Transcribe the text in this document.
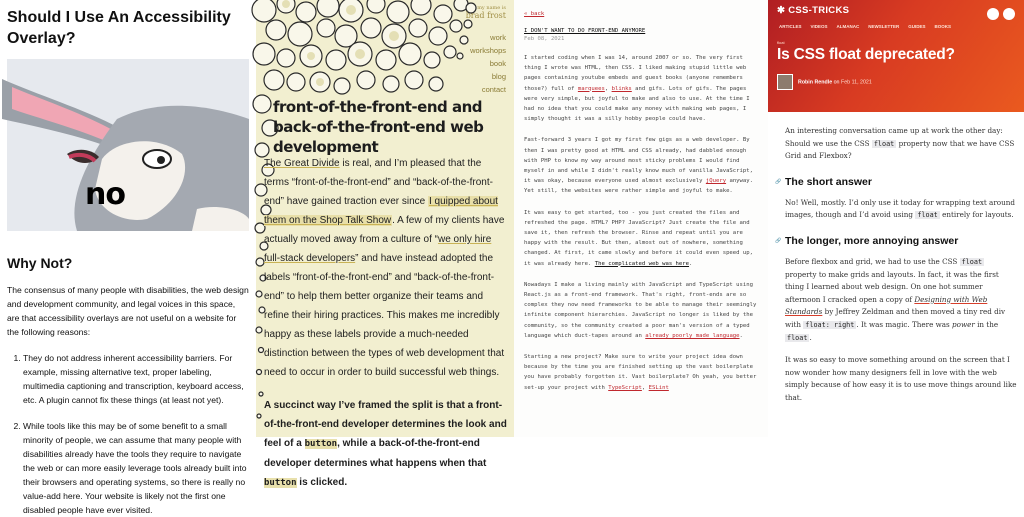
Should I Use An Accessibility Overlay?
no
Why Not?

The consensus of many people with disabilities, the web design and development community, and legal voices in this space, are that accessibility overlays are not useful on a website for the following reasons:

1. They do not address inherent accessibility barriers. For example, missing alternative text, proper labeling, multimedia captioning and transcription, keyboard access, etc. A plugin cannot fix these things (at least not yet).
2. While tools like this may be of some benefit to a small minority of people, we can assume that many people with disabilities already have the tools they require to navigate the web or can more easily leverage tools already built into their browsers and operating systems, so there is really no value-add here. Your website is likely not the first one disabled people have ever visited.
my name is
brad frost
work
workshops
book
blog
contact
front-of-the-front-end and back-of-the-front-end web development

The Great Divide is real, and I’m pleased that the terms “front-of-the-front-end” and “back-of-the-front-end” have gained traction ever since I quipped about them on the Shop Talk Show. A few of my clients have actually moved away from a culture of “we only hire full-stack developers” and have instead adopted the labels “front-of-the-front-end” and “back-of-the-front-end” to help them better organize their teams and refine their hiring practices. This makes me incredibly happy as these labels provide a much-needed distinction between the types of web development that need to occur in order to build successful web things.

A succinct way I’ve framed the split is that a front-of-the-front-end developer determines the look and feel of a button, while a back-of-the-front-end developer determines what happens when that button is clicked.

« back
I DON'T WANT TO DO FRONT-END ANYMORE
Feb 08, 2021

I started coding when I was 14, around 2007 or so. The very first thing I wrote was HTML, then CSS. I liked making stupid little web pages containing youtube embeds and guest books (anyone remembers those?) full of marquees, blinks and gifs. Lots of gifs. The pages were very simple, but joyful to make and also to use. At the time I had no idea that you could make any money with making web pages, I simply thought it was a silly hobby people could have.

Fast-forward 3 years I got my first few gigs as a web developer. By then I was pretty good at HTML and CSS already, had dabbled enough with PHP to know my way around most sticky problems I would find myself in and while I didn't really know much of vanilla JavaScript, it was okay, because everyone used almost exclusively jQuery anyway. Yet still, the websites were rather simple and joyful to make.

It was easy to get started, too - you just created the files and refreshed the page. HTML? PHP? JavaScript? Just create the file and save it, then refresh the browser. Rinse and repeat until you are happy with the result. But then, almost out of nowhere, something changed. At first, it came slowly and before it could even speed up, it was already here. The complicated web was here.

Nowadays I make a living mainly with JavaScript and TypeScript using React.js as a front-end framework. That's right, front-ends are so complex they now need frameworks to be able to manage their seemingly infinite component hierarchies. JavaScript no longer is liked by the community, so the community created a poor man's version of a typed language which duct-tapes around an already poorly made language.

Starting a new project? Make sure to write your project idea down because by the time you are finished setting up the vast boilerplate you have probably forgotten it. Vast boilerplate? Oh yeah, you better set-up your project with TypeScript, ESLint

✱ CSS-TRICKS
ARTICLES VIDEOS ALMANAC NEWSLETTER GUIDES BOOKS
float
Is CSS float deprecated?
Robin Rendle on Feb 11, 2021

An interesting conversation came up at work the other day: Should we use the CSS float property now that we have CSS Grid and Flexbox?

🔗 The short answer

No! Well, mostly. I’d only use it today for wrapping text around images, though and I’d avoid using float entirely for layouts.

🔗 The longer, more annoying answer

Before flexbox and grid, we had to use the CSS float property to make grids and layouts. In fact, it was the first thing I learned about web design. On one hot summer afternoon I cracked open a copy of Designing with Web Standards by Jeffrey Zeldman and then moved a tiny red div with float: right . It was magic. There was power in the float .

It was so easy to move something around on the screen that I now wonder how many designers fell in love with the web simply because of how easy it is to use move things around like that.
